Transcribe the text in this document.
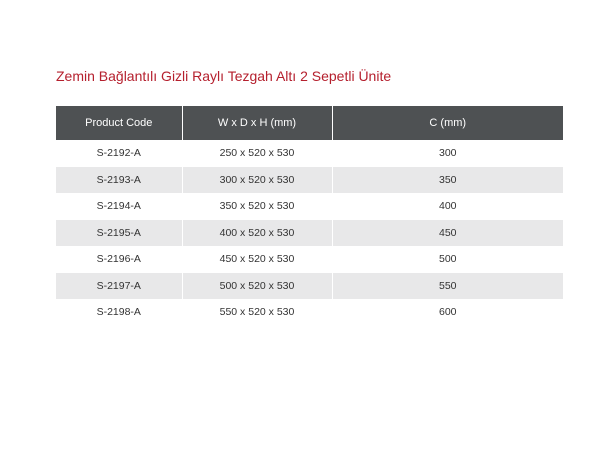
Zemin Bağlantılı Gizli Raylı Tezgah Altı 2 Sepetli Ünite
Product Code	W x D x H (mm)	C (mm)
S-2192-A	250 x 520 x 530	300
S-2193-A	300 x 520 x 530	350
S-2194-A	350 x 520 x 530	400
S-2195-A	400 x 520 x 530	450
S-2196-A	450 x 520 x 530	500
S-2197-A	500 x 520 x 530	550
S-2198-A	550 x 520 x 530	600
